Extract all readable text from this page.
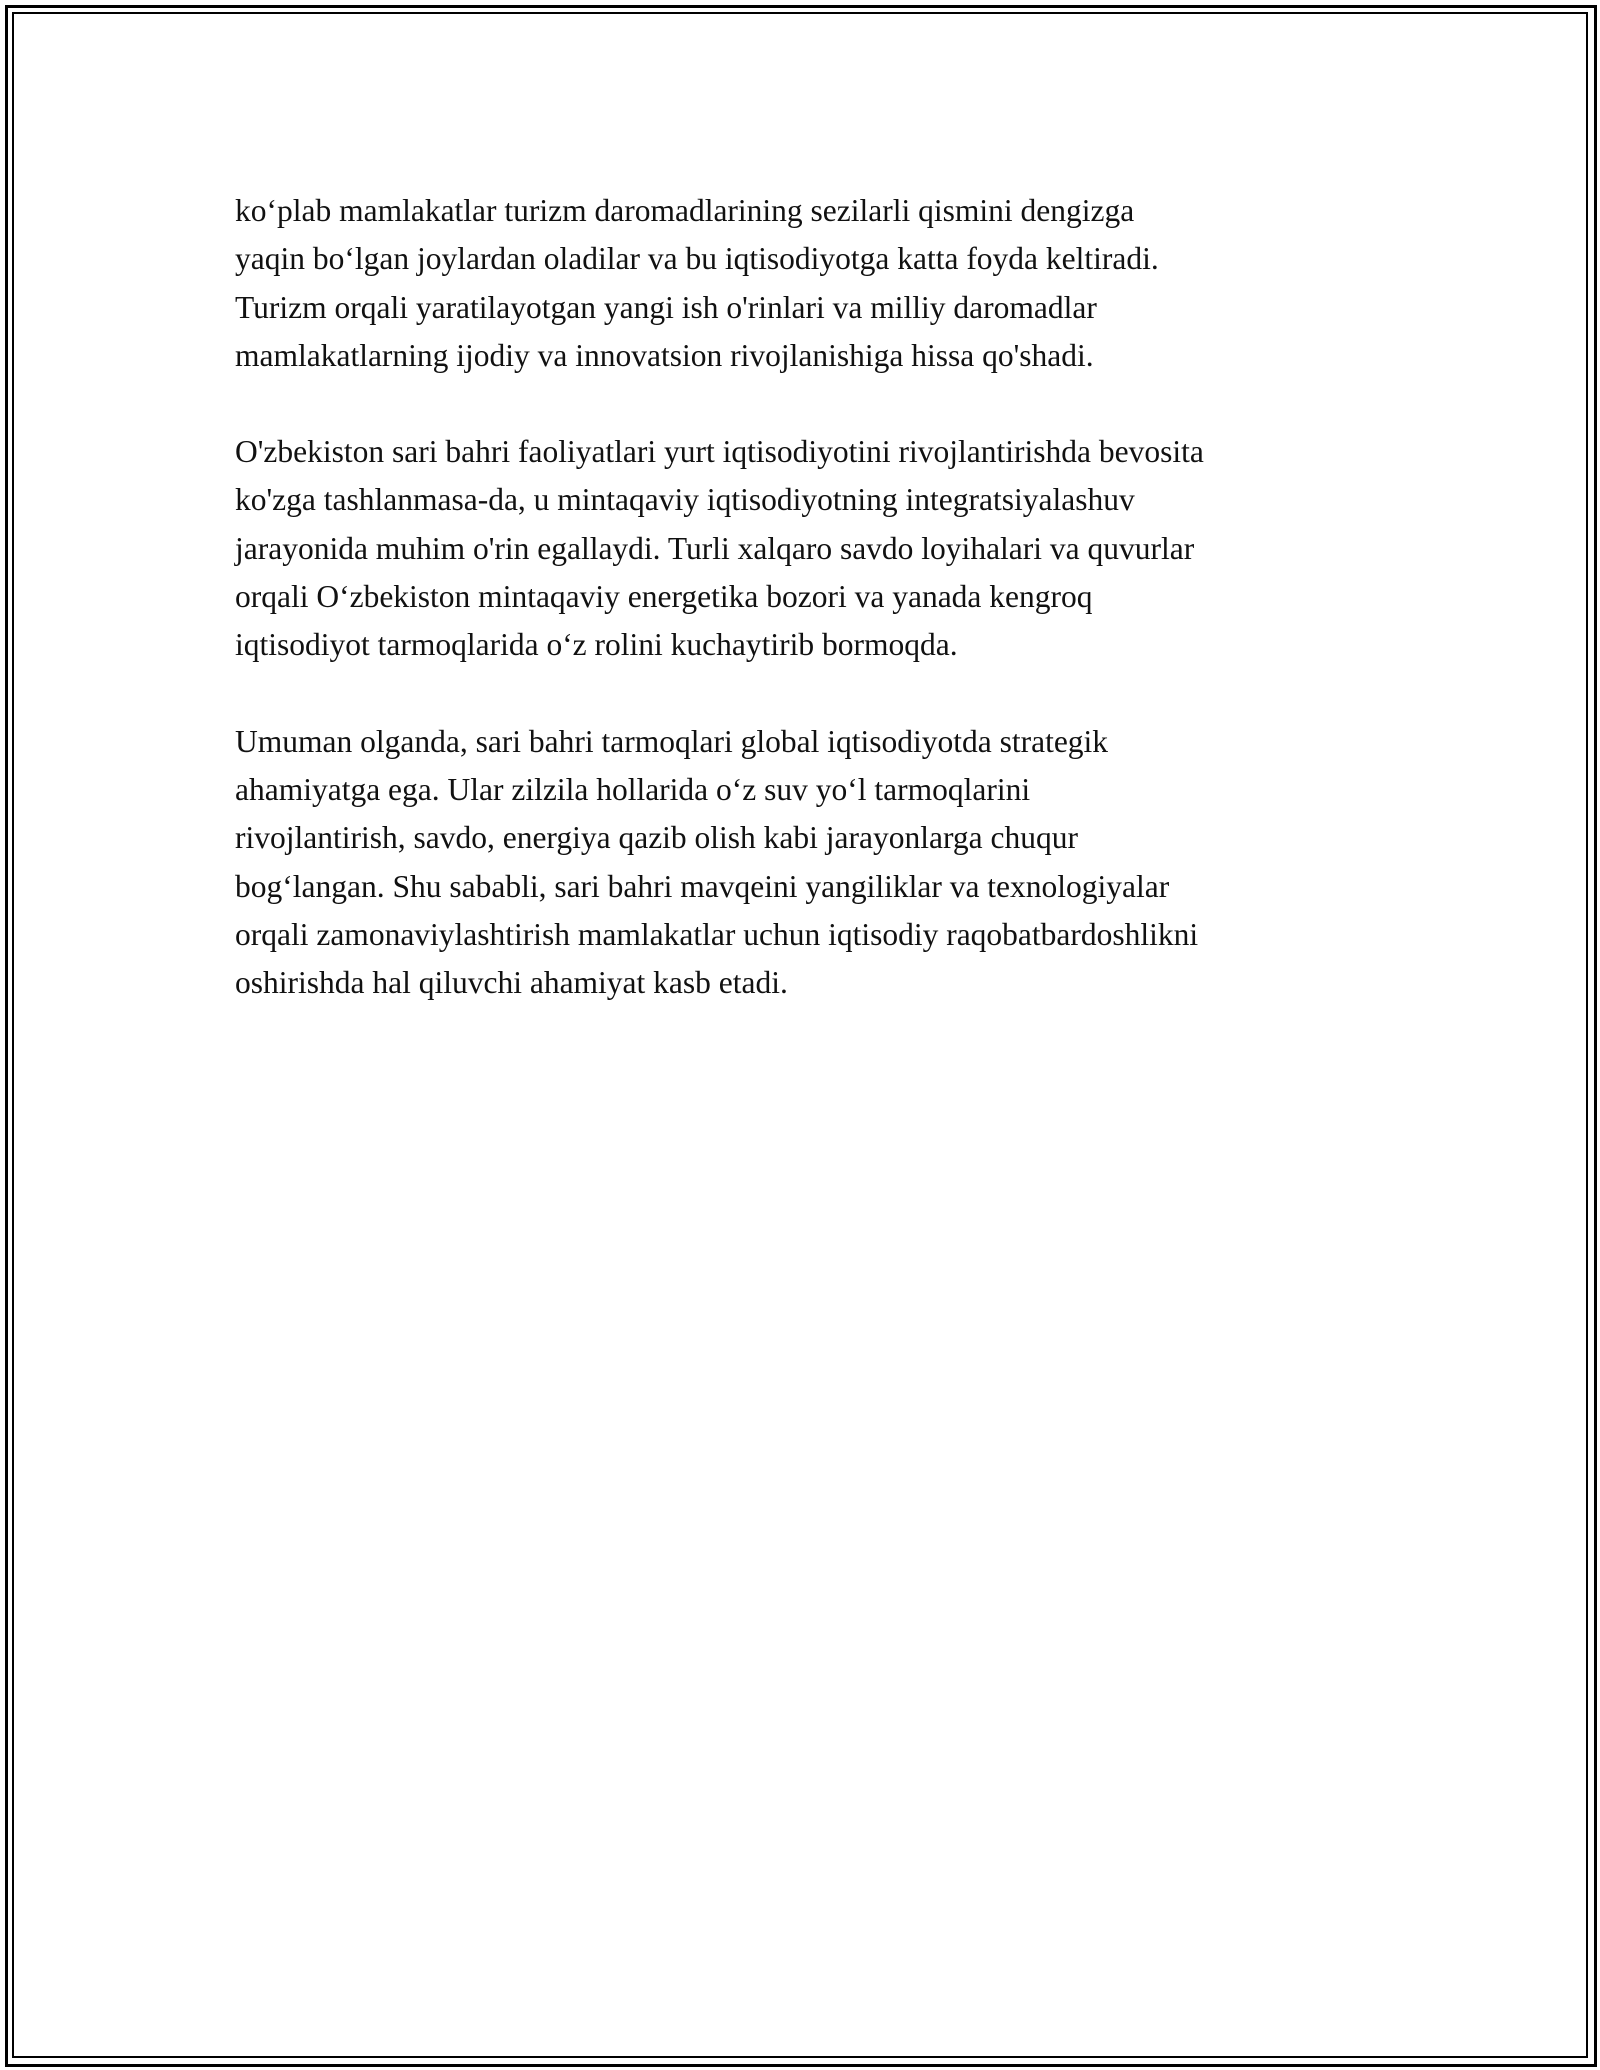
ko‘plab mamlakatlar turizm daromadlarining sezilarli qismini dengizga
yaqin bo‘lgan joylardan oladilar va bu iqtisodiyotga katta foyda keltiradi.
Turizm orqali yaratilayotgan yangi ish o'rinlari va milliy daromadlar
mamlakatlarning ijodiy va innovatsion rivojlanishiga hissa qo'shadi.

O'zbekiston sari bahri faoliyatlari yurt iqtisodiyotini rivojlantirishda bevosita
ko'zga tashlanmasa-da, u mintaqaviy iqtisodiyotning integratsiyalashuv
jarayonida muhim o'rin egallaydi. Turli xalqaro savdo loyihalari va quvurlar
orqali O‘zbekiston mintaqaviy energetika bozori va yanada kengroq
iqtisodiyot tarmoqlarida o‘z rolini kuchaytirib bormoqda.

Umuman olganda, sari bahri tarmoqlari global iqtisodiyotda strategik
ahamiyatga ega. Ular zilzila hollarida o‘z suv yo‘l tarmoqlarini
rivojlantirish, savdo, energiya qazib olish kabi jarayonlarga chuqur
bog‘langan. Shu sababli, sari bahri mavqeini yangiliklar va texnologiyalar
orqali zamonaviylashtirish mamlakatlar uchun iqtisodiy raqobatbardoshlikni
oshirishda hal qiluvchi ahamiyat kasb etadi.
